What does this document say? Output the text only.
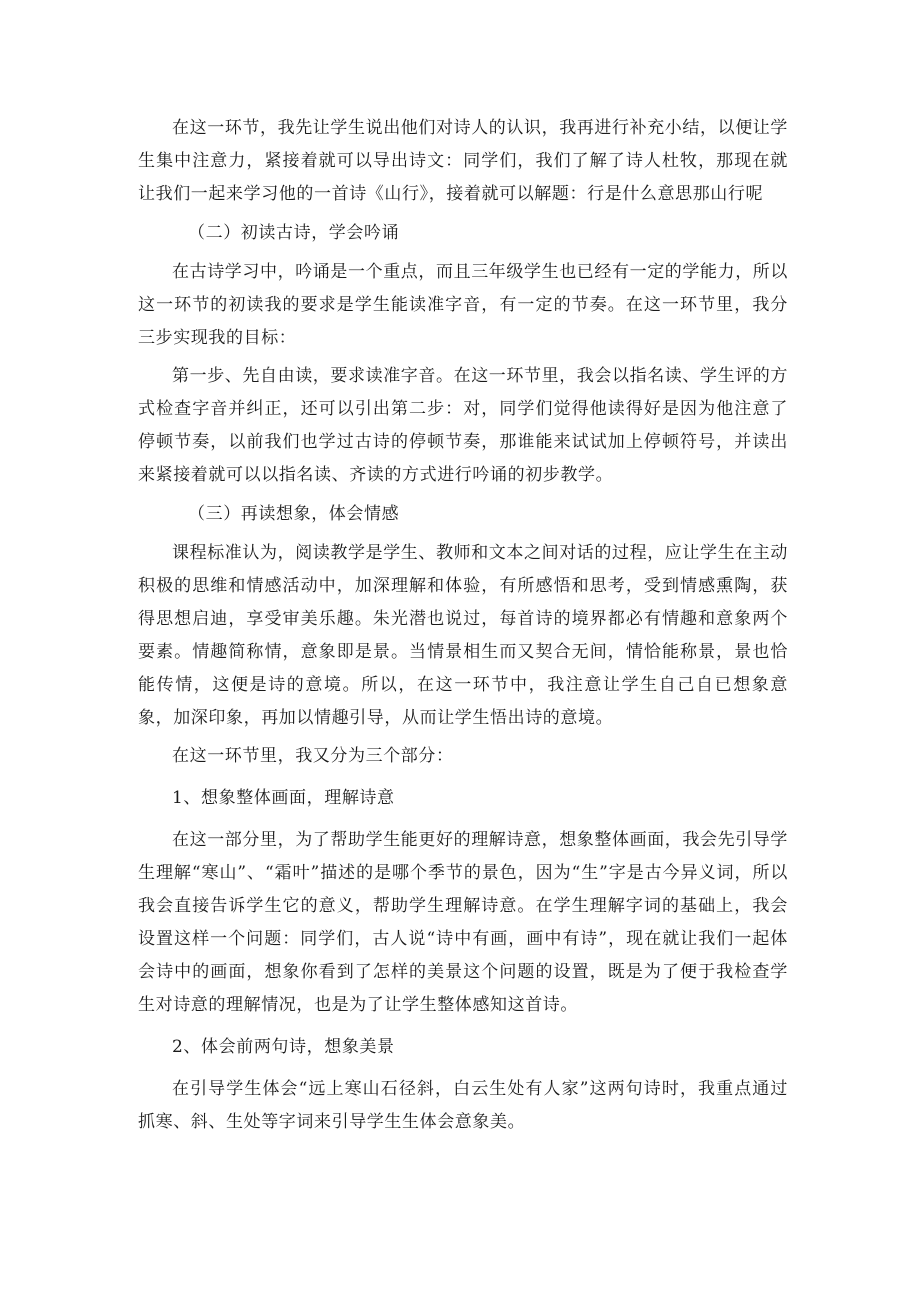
在这一环节，我先让学生说出他们对诗人的认识，我再进行补充小结，以便让学生集中注意力，紧接着就可以导出诗文：同学们，我们了解了诗人杜牧，那现在就让我们一起来学习他的一首诗《山行》，接着就可以解题：行是什么意思那山行呢

（二）初读古诗，学会吟诵

在古诗学习中，吟诵是一个重点，而且三年级学生也已经有一定的学能力，所以这一环节的初读我的要求是学生能读准字音，有一定的节奏。在这一环节里，我分三步实现我的目标：

第一步、先自由读，要求读准字音。在这一环节里，我会以指名读、学生评的方式检查字音并纠正，还可以引出第二步：对，同学们觉得他读得好是因为他注意了停顿节奏，以前我们也学过古诗的停顿节奏，那谁能来试试加上停顿符号，并读出来紧接着就可以以指名读、齐读的方式进行吟诵的初步教学。

（三）再读想象，体会情感

课程标准认为，阅读教学是学生、教师和文本之间对话的过程，应让学生在主动积极的思维和情感活动中，加深理解和体验，有所感悟和思考，受到情感熏陶，获得思想启迪，享受审美乐趣。朱光潜也说过，每首诗的境界都必有情趣和意象两个要素。情趣简称情，意象即是景。当情景相生而又契合无间，情恰能称景，景也恰能传情，这便是诗的意境。所以，在这一环节中，我注意让学生自己自已想象意象，加深印象，再加以情趣引导，从而让学生悟出诗的意境。

在这一环节里，我又分为三个部分：

1、想象整体画面，理解诗意

在这一部分里，为了帮助学生能更好的理解诗意，想象整体画面，我会先引导学生理解“寒山”、“霜叶”描述的是哪个季节的景色，因为“生”字是古今异义词，所以我会直接告诉学生它的意义，帮助学生理解诗意。在学生理解字词的基础上，我会设置这样一个问题：同学们，古人说“诗中有画，画中有诗”，现在就让我们一起体会诗中的画面，想象你看到了怎样的美景这个问题的设置，既是为了便于我检查学生对诗意的理解情况，也是为了让学生整体感知这首诗。

2、体会前两句诗，想象美景

在引导学生体会“远上寒山石径斜，白云生处有人家”这两句诗时，我重点通过抓寒、斜、生处等字词来引导学生生体会意象美。
